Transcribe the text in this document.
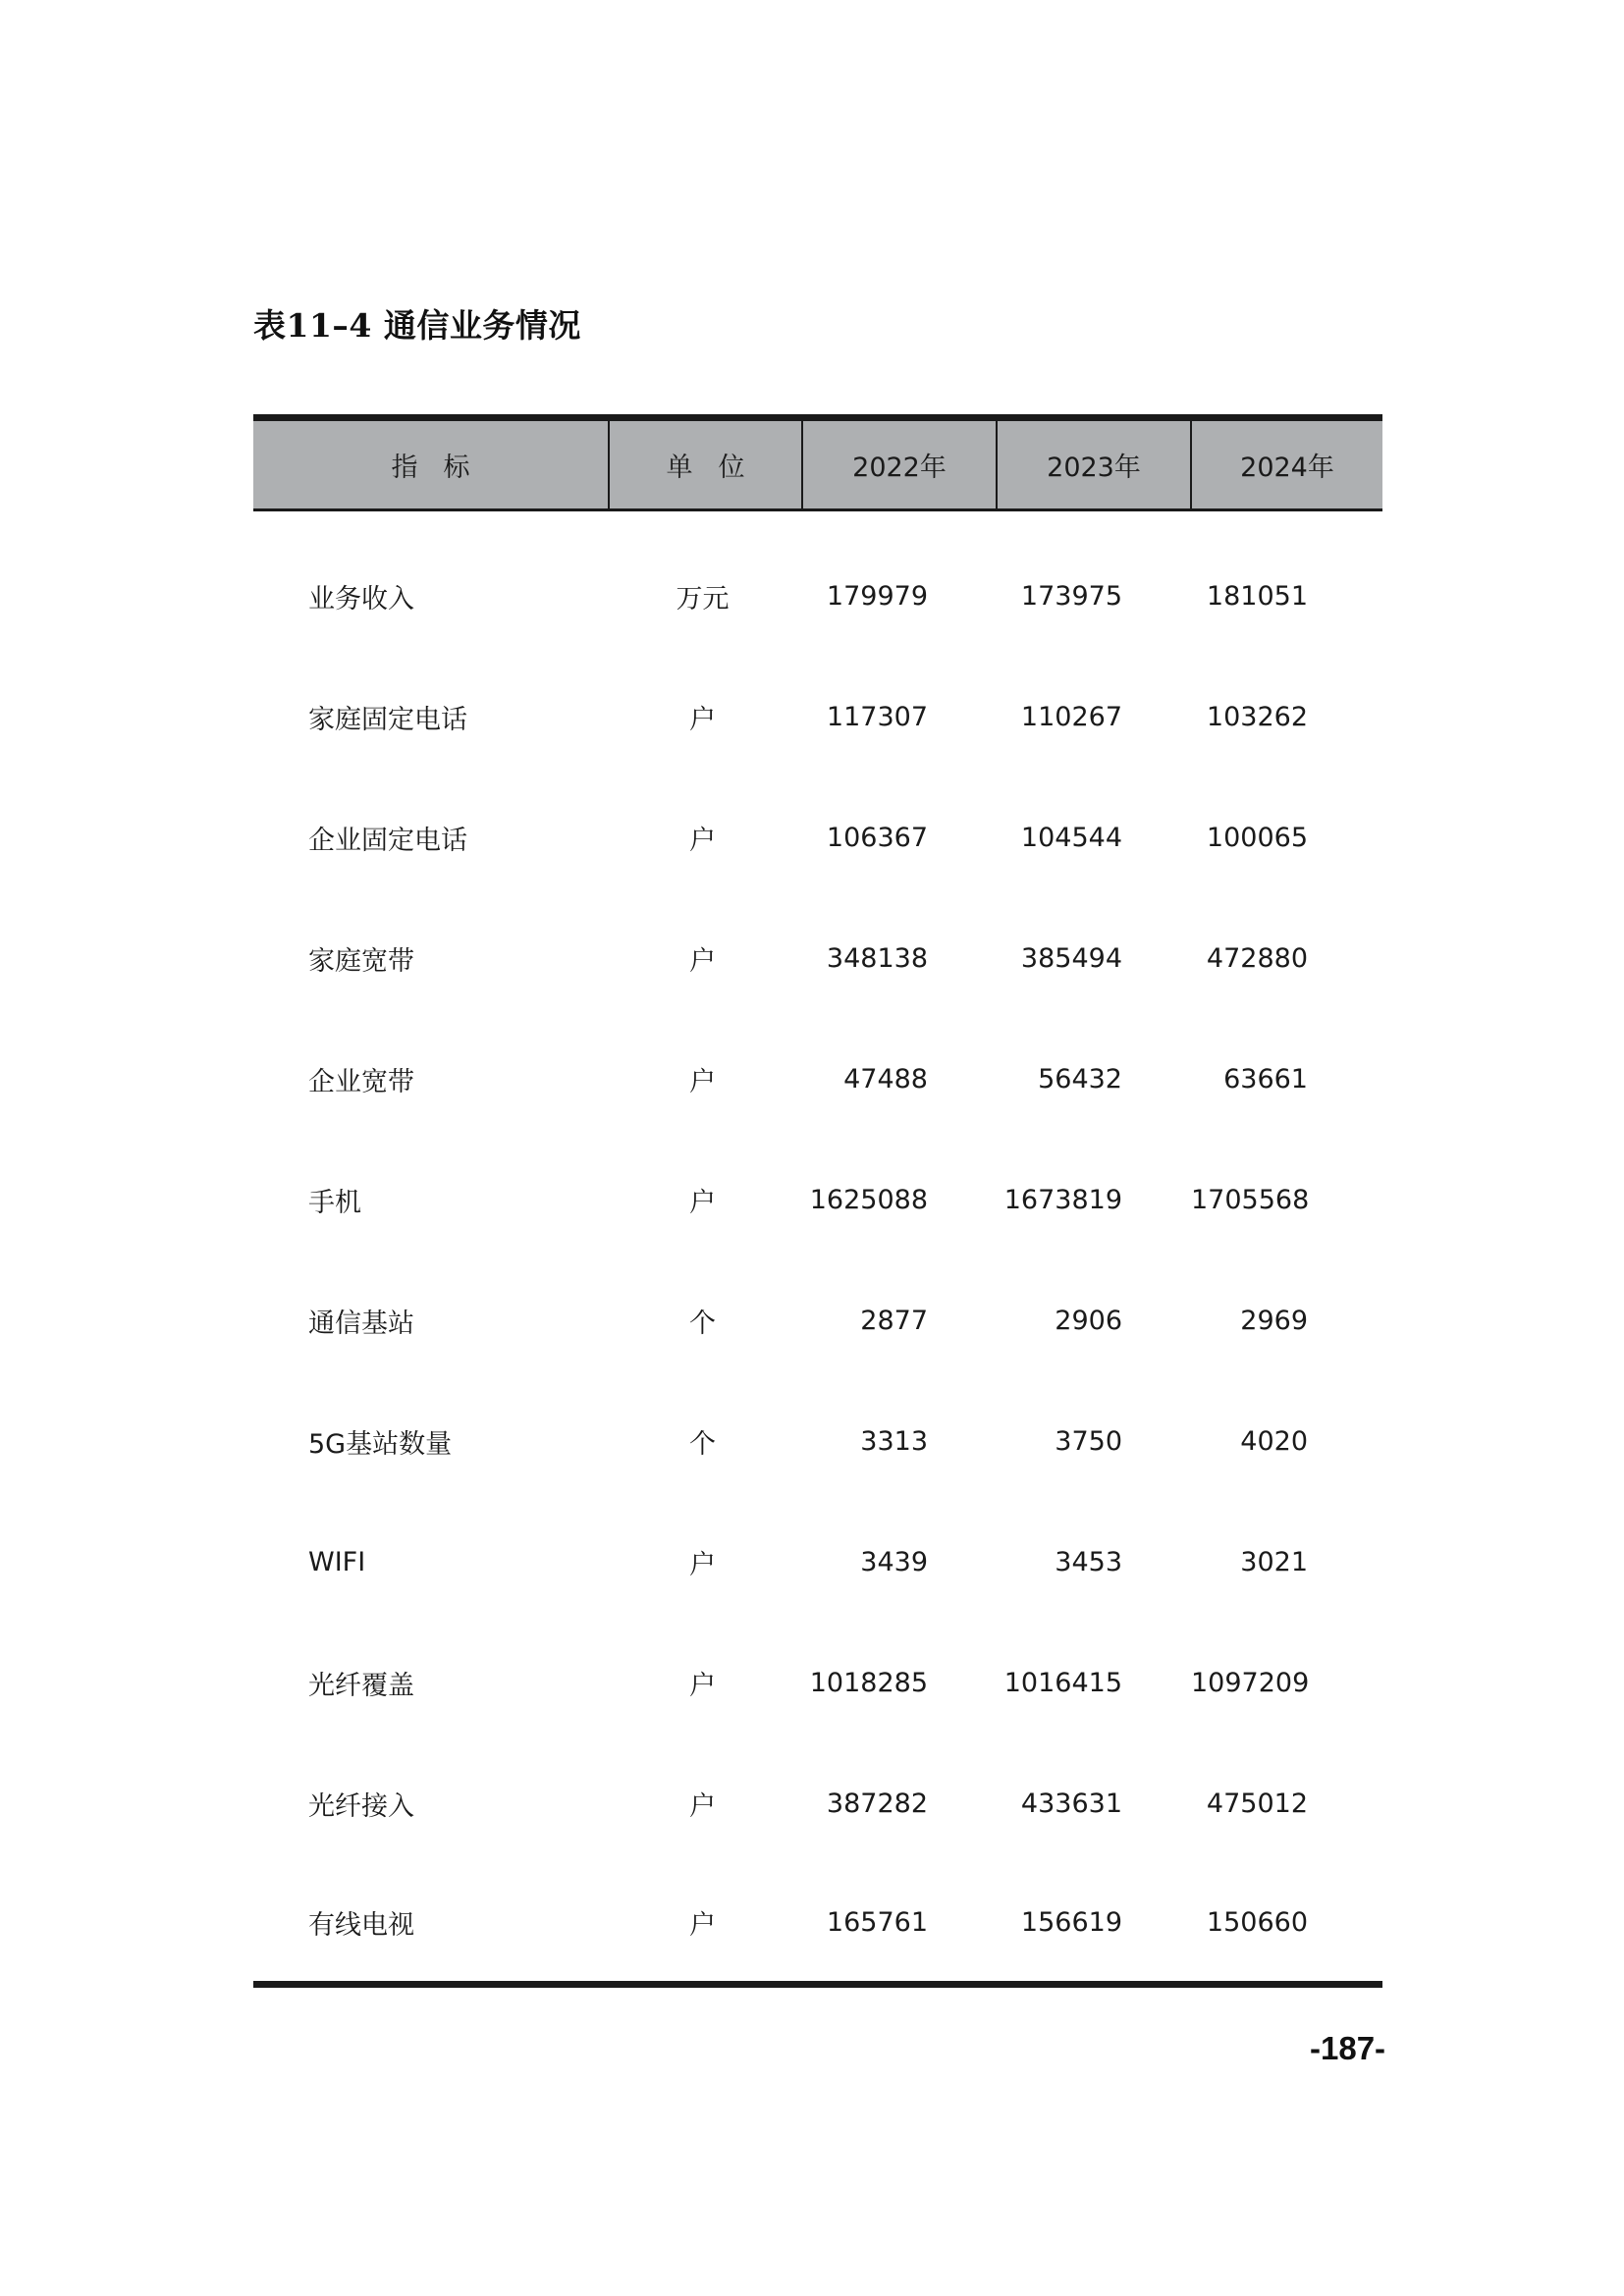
表11–4 通信业务情况
指标	单位	2022年	2023年	2024年
业务收入	万元	179979	173975	181051
家庭固定电话	户	117307	110267	103262
企业固定电话	户	106367	104544	100065
家庭宽带	户	348138	385494	472880
企业宽带	户	47488	56432	63661
手机	户	1625088	1673819	1705568
通信基站	个	2877	2906	2969
5G基站数量	个	3313	3750	4020
WIFI	户	3439	3453	3021
光纤覆盖	户	1018285	1016415	1097209
光纤接入	户	387282	433631	475012
有线电视	户	165761	156619	150660
-187-
